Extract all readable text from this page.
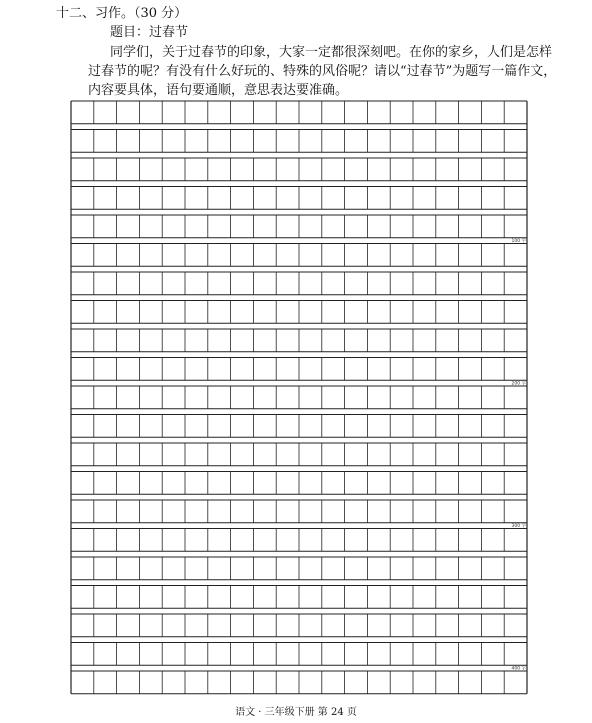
十二、习作。（30 分）
题目：过春节

同学们，关于过春节的印象，大家一定都很深刻吧。在你的家乡，人们是怎样过春节的呢？有没有什么好玩的、特殊的风俗呢？请以“过春节”为题写一篇作文，内容要具体，语句要通顺，意思表达要准确。

100 字
200 字
300 字
400 字
语文 · 三年级下册 第 24 页
